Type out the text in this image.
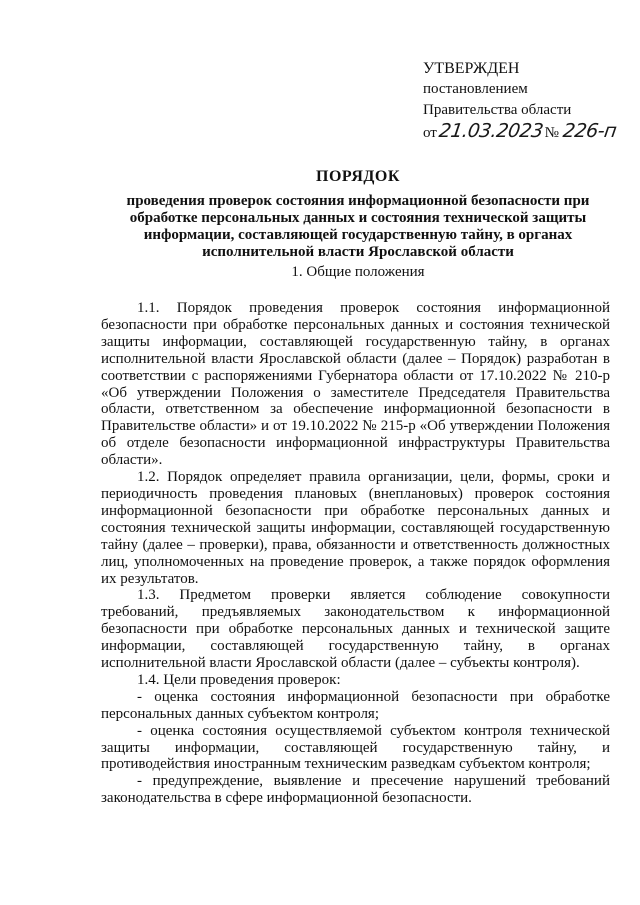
УТВЕРЖДЕН
постановлением
Правительства области
от21.03.2023№ 226-п
ПОРЯДОК
проведения проверок состояния информационной безопасности при
обработке персональных данных и состояния технической защиты
информации, составляющей государственную тайну, в органах
исполнительной власти Ярославской области
1. Общие положения

1.1. Порядок проведения проверок состояния информационной безопасности при обработке персональных данных и состояния технической защиты информации, составляющей государственную тайну, в органах исполнительной власти Ярославской области (далее – Порядок) разработан в соответствии с распоряжениями Губернатора области от 17.10.2022 № 210-р «Об утверждении Положения о заместителе Председателя Правительства области, ответственном за обеспечение информационной безопасности в Правительстве области» и от 19.10.2022 № 215-р «Об утверждении Положения об отделе безопасности информационной инфраструктуры Правительства области».

1.2. Порядок определяет правила организации, цели, формы, сроки и периодичность проведения плановых (внеплановых) проверок состояния информационной безопасности при обработке персональных данных и состояния технической защиты информации, составляющей государственную тайну (далее – проверки), права, обязанности и ответственность должностных лиц, уполномоченных на проведение проверок, а также порядок оформления их результатов.

1.3. Предметом проверки является соблюдение совокупности требований, предъявляемых законодательством к информационной безопасности при обработке персональных данных и технической защите информации, составляющей государственную тайну, в органах исполнительной власти Ярославской области (далее – субъекты контроля).

1.4. Цели проведения проверок:

- оценка состояния информационной безопасности при обработке персональных данных субъектом контроля;

- оценка состояния осуществляемой субъектом контроля технической защиты информации, составляющей государственную тайну, и противодействия иностранным техническим разведкам субъектом контроля;

- предупреждение, выявление и пресечение нарушений требований законодательства в сфере информационной безопасности.
